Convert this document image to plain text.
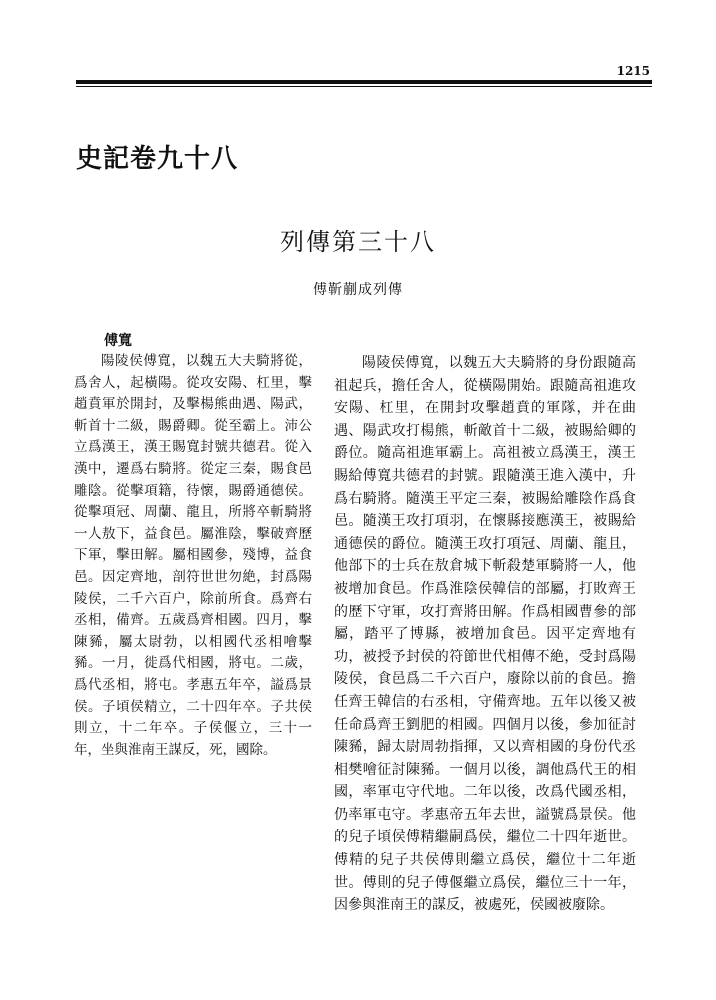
1215
史記卷九十八
列傳第三十八
傅靳蒯成列傳
傅寬

陽陵侯傅寬，以魏五大夫騎將從，爲舍人，起橫陽。從攻安陽、杠里，擊趙賁軍於開封，及擊楊熊曲遇、陽武，斬首十二級，賜爵卿。從至霸上。沛公立爲漢王，漢王賜寬封號共德君。從入漢中，遷爲右騎將。從定三秦，賜食邑雕陰。從擊項籍，待懷，賜爵通德侯。從擊項冠、周蘭、龍且，所將卒斬騎將一人敖下，益食邑。屬淮陰，擊破齊歷下軍，擊田解。屬相國參，殘博，益食邑。因定齊地，剖符世世勿絶，封爲陽陵侯，二千六百户，除前所食。爲齊右丞相，備齊。五歲爲齊相國。四月，擊陳豨，屬太尉勃，以相國代丞相噲擊豨。一月，徙爲代相國，將屯。二歲，爲代丞相，將屯。孝惠五年卒，謚爲景侯。子頃侯精立，二十四年卒。子共侯則立，十二年卒。子侯偃立，三十一年，坐與淮南王謀反，死，國除。

陽陵侯傅寬，以魏五大夫騎將的身份跟隨高祖起兵，擔任舍人，從橫陽開始。跟隨高祖進攻安陽、杠里，在開封攻擊趙賁的軍隊，并在曲遇、陽武攻打楊熊，斬敵首十二級，被賜給卿的爵位。隨高祖進軍霸上。高祖被立爲漢王，漢王賜給傅寬共德君的封號。跟隨漢王進入漢中，升爲右騎將。隨漢王平定三秦，被賜給雕陰作爲食邑。隨漢王攻打項羽，在懷縣接應漢王，被賜給通德侯的爵位。隨漢王攻打項冠、周蘭、龍且，他部下的士兵在敖倉城下斬殺楚軍騎將一人，他被增加食邑。作爲淮陰侯韓信的部屬，打敗齊王的歷下守軍，攻打齊將田解。作爲相國曹參的部屬，踏平了博縣，被增加食邑。因平定齊地有功，被授予封侯的符節世代相傳不絶，受封爲陽陵侯，食邑爲二千六百户，廢除以前的食邑。擔任齊王韓信的右丞相，守備齊地。五年以後又被任命爲齊王劉肥的相國。四個月以後，參加征討陳豨，歸太尉周勃指揮，又以齊相國的身份代丞相樊噲征討陳豨。一個月以後，調他爲代王的相國，率軍屯守代地。二年以後，改爲代國丞相，仍率軍屯守。孝惠帝五年去世，謚號爲景侯。他的兒子頃侯傅精繼嗣爲侯，繼位二十四年逝世。傅精的兒子共侯傅則繼立爲侯，繼位十二年逝世。傅則的兒子傅偃繼立爲侯，繼位三十一年，因參與淮南王的謀反，被處死，侯國被廢除。
